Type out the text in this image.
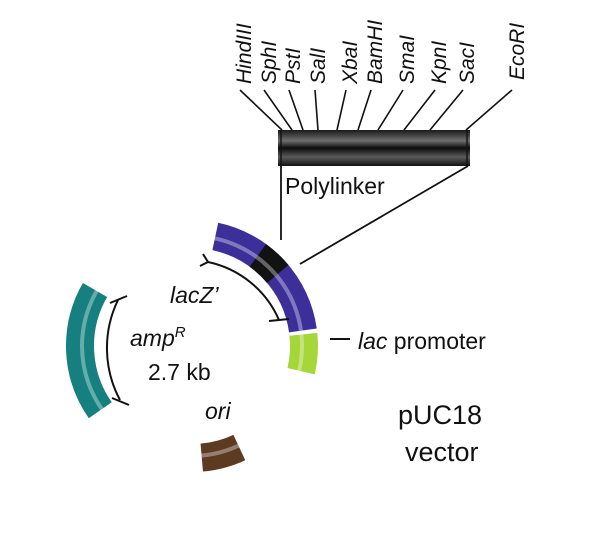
HindIII SphI PstI SalI XbaI BamHI SmaI KpnI SacI EcoRI
Polylinker
lacZ’
amp$^R$
2.7 kb
ori
lac promoter
pUC18
vector
